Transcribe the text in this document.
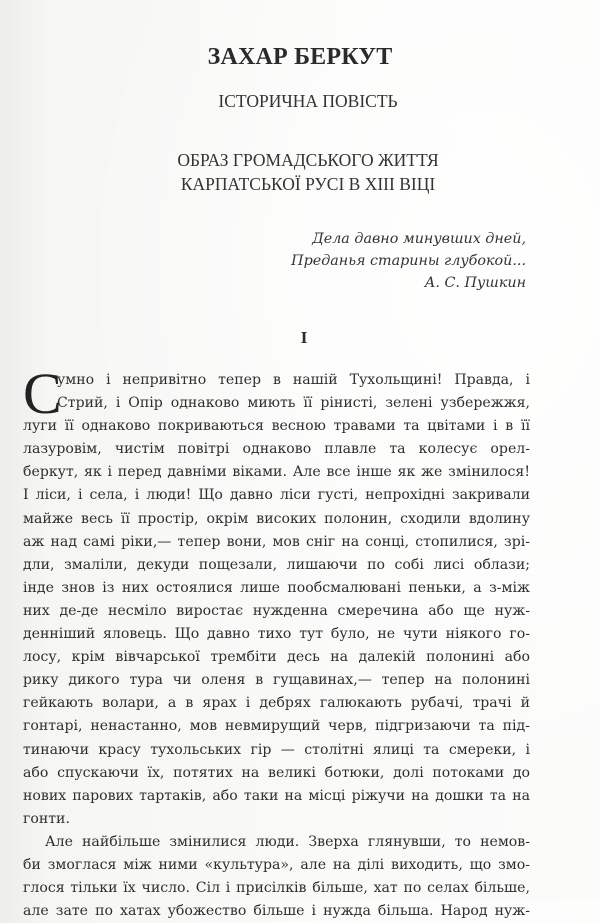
ЗАХАР БЕРКУТ
ІСТОРИЧНА ПОВІСТЬ
ОБРАЗ ГРОМАДСЬКОГО ЖИТТЯ
КАРПАТСЬКОЇ РУСІ В XIII ВІЦІ
Дела давно минувших дней,
Преданья старины глубокой...
А. С. Пушкин
I
С
умно і непривітно тепер в нашій Тухольщині! Правда, і
Стрий, і Опір однаково миють її рінисті, зелені узбережжя,
луги її однаково покриваються весною травами та цвітами і в її
лазуровім, чистім повітрі однаково плавле та колесує орел-
беркут, як і перед давніми віками. Але все інше як же змінилося!
І ліси, і села, і люди! Що давно ліси густі, непрохідні закривали
майже весь її простір, окрім високих полонин, сходили вдолину
аж над самі ріки,— тепер вони, мов сніг на сонці, стопилися, зрі-
дли, змаліли, декуди пощезали, лишаючи по собі лисі облази;
інде знов із них остоялися лише пообсмалювані пеньки, а з-між
них де-де несміло виростає нужденна смеречина або ще нуж-
денніший яловець. Що давно тихо тут було, не чути ніякого го-
лосу, крім вівчарської трембіти десь на далекій полонині або
рику дикого тура чи оленя в гущавинах,— тепер на полонині
гейкають волари, а в ярах і дебрях галюкають рубачі, трачі й
гонтарі, ненастанно, мов невмирущий черв, підгризаючи та під-
тинаючи красу тухольських гір — столітні ялиці та смереки, і
або спускаючи їх, потятих на великі ботюки, долі потоками до
нових парових тартаків, або таки на місці ріжучи на дошки та на
гонти.
Але найбільше змінилися люди. Зверха глянувши, то немов-
би змоглася між ними «культура», але на ділі виходить, що змо-
глося тільки їх число. Сіл і присілків більше, хат по селах більше,
але зате по хатах убожество більше і нужда більша. Народ нуж-
